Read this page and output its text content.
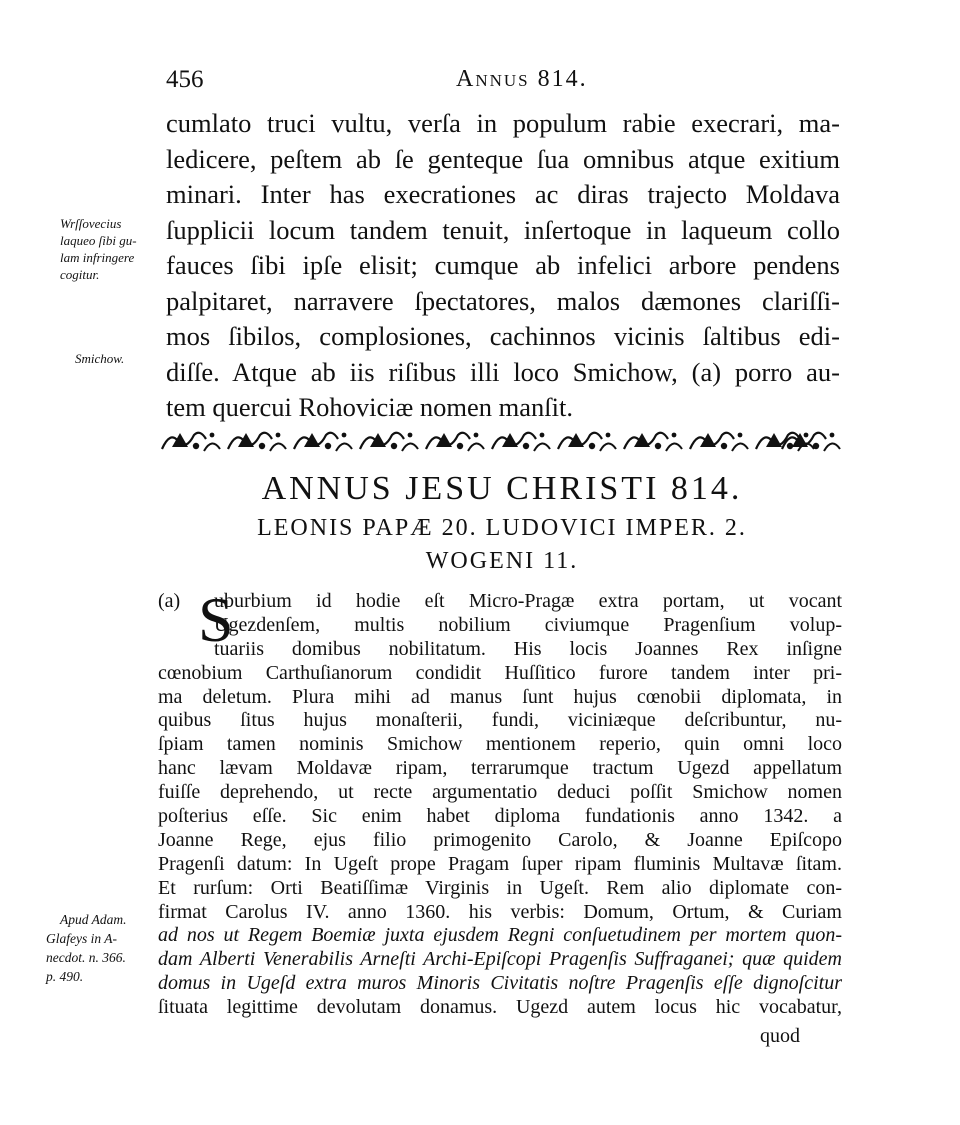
456	Annus 814.
cumlato truci vultu, verſa in populum rabie execrari, ma-
ledicere, peſtem ab ſe genteque ſua omnibus atque exitium
minari. Inter has execrationes ac diras trajecto Moldava
ſupplicii locum tandem tenuit, inſertoque in laqueum collo
fauces ſibi ipſe elisit; cumque ab infelici arbore pendens
palpitaret, narravere ſpectatores, malos dæmones clariſſi-
mos ſibilos, complosiones, cachinnos vicinis ſaltibus edi-
diſſe. Atque ab iis riſibus illi loco Smichow, (a) porro au-
tem quercui Rohoviciæ nomen manſit.
Wrſſovecius
laqueo ſibi gu-
lam infringere
cogitur.
Smichow.
Apud Adam.
Glafeys in A-
necdot. n. 366.
p. 490.
ANNUS JESU CHRISTI 814.
LEONIS PAPÆ 20. LUDOVICI IMPER. 2.
WOGENI 11.
(a) S
uburbium id hodie eſt Micro-Pragæ extra portam, ut vocant
Ugezdenſem, multis nobilium civiumque Pragenſium volup-
tuariis domibus nobilitatum. His locis Joannes Rex inſigne
cœnobium Carthuſianorum condidit Huſſitico furore tandem inter pri-
ma deletum. Plura mihi ad manus ſunt hujus cœnobii diplomata, in
quibus ſitus hujus monaſterii, fundi, viciniæque deſcribuntur, nu-
ſpiam tamen nominis Smichow mentionem reperio, quin omni loco
hanc lævam Moldavæ ripam, terrarumque tractum Ugezd appellatum
fuiſſe deprehendo, ut recte argumentatio deduci poſſit Smichow nomen
poſterius eſſe. Sic enim habet diploma fundationis anno 1342. a
Joanne Rege, ejus filio primogenito Carolo, & Joanne Epiſcopo
Pragenſi datum: In Ugeſt prope Pragam ſuper ripam fluminis Multavæ ſitam.
Et rurſum: Orti Beatiſſimæ Virginis in Ugeſt. Rem alio diplomate con-
firmat Carolus IV. anno 1360. his verbis: Domum, Ortum, & Curiam
ad nos ut Regem Boemiæ juxta ejusdem Regni conſuetudinem per mortem quon-
dam Alberti Venerabilis Arneſti Archi-Epiſcopi Pragenſis Suffraganei; quæ quidem
domus in Ugeſd extra muros Minoris Civitatis noſtre Pragenſis eſſe dignoſcitur
ſituata legittime devolutam donamus. Ugezd autem locus hic vocabatur,
quod
